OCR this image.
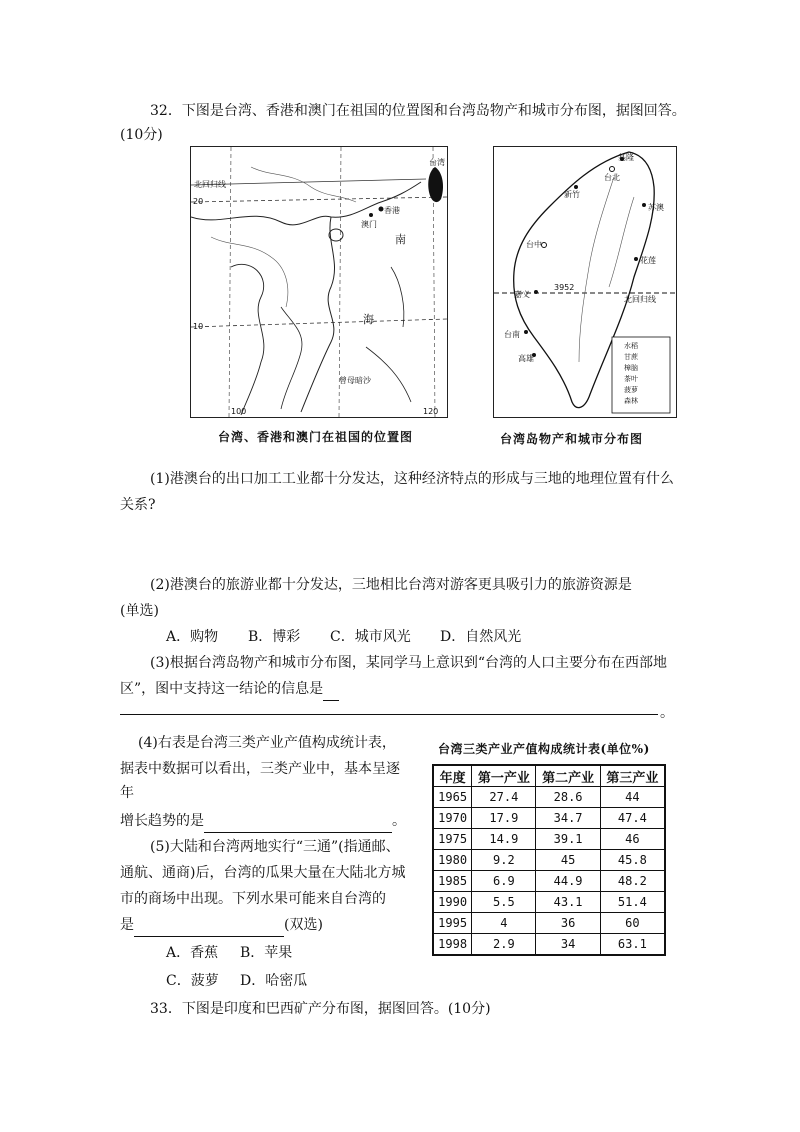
32．下图是台湾、香港和澳门在祖国的位置图和台湾岛物产和城市分布图，据图回答。
(10分)
北回归线
台湾
香港
澳门
南
海
曾母暗沙
20
10
100	120
台湾、香港和澳门在祖国的位置图
基隆
台北
新竹
苏澳
台中
嘉义
3952
花莲
北回归线
台南
高雄
水稻
甘蔗
樟脑
茶叶
菠萝
森林
台湾岛物产和城市分布图
(1)港澳台的出口加工工业都十分发达，这种经济特点的形成与三地的地理位置有什么
关系?
(2)港澳台的旅游业都十分发达，三地相比台湾对游客更具吸引力的旅游资源是
(单选)
A．购物 B．博彩 C．城市风光 D．自然风光
(3)根据台湾岛物产和城市分布图，某同学马上意识到“台湾的人口主要分布在西部地
区”，图中支持这一结论的信息是
。
(4)右表是台湾三类产业产值构成统计表，
据表中数据可以看出，三类产业中，基本呈逐
年
增长趋势的是	。
(5)大陆和台湾两地实行“三通”(指通邮、
通航、通商)后，台湾的瓜果大量在大陆北方城
市的商场中出现。下列水果可能来自台湾的
是	(双选)
A．香蕉 B．苹果
C．菠萝 D．哈密瓜
台湾三类产业产值构成统计表(单位%)
年度	第一产业	第二产业	第三产业
1965	27.4	28.6	44
1970	17.9	34.7	47.4
1975	14.9	39.1	46
1980	9.2	45	45.8
1985	6.9	44.9	48.2
1990	5.5	43.1	51.4
1995	4	36	60
1998	2.9	34	63.1
33．下图是印度和巴西矿产分布图，据图回答。(10分)
